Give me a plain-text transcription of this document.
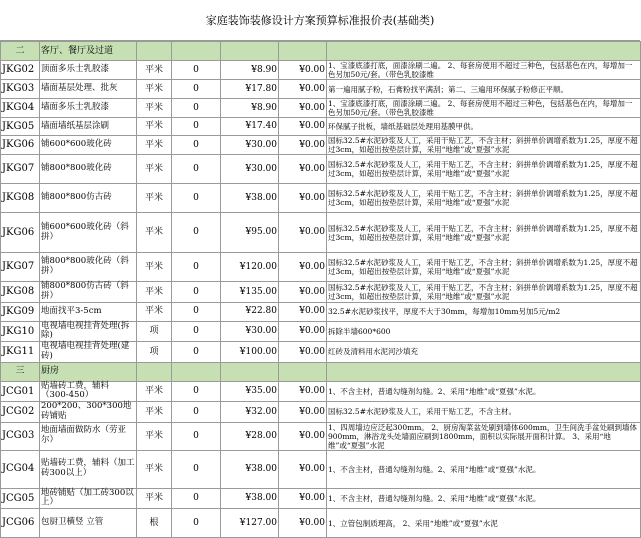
家庭装饰装修设计方案预算标准报价表(基础类)
二	客厅、餐厅及过道					
JKG02	顶面多乐士乳胶漆	平米	0	¥8.90	¥0.00	1、宝漆底漆打底，面漆涂刷二遍。 2、每套房使用不超过三种色，包括基色在内，每增加一色另加50元/套。（带色乳胶漆维
JKG03	墙面基层处理、批灰	平米	0	¥17.80	¥0.00	第一遍用腻子粉，石膏粉找平满刮；第二、三遍用环保腻子粉修正平顺。
JKG04	墙面多乐士乳胶漆	平米	0	¥8.90	¥0.00	1、宝漆底漆打底，面漆涂刷二遍。 2、每套房使用不超过三种色，包括基色在内，每增加一色另加50元/套。（带色乳胶漆维
JKG05	墙面墙纸基层涂刷	平米	0	¥17.40	¥0.00	环保腻子批板，墙纸基础层处理用基膜甲供。
JKG06	铺600*600玻化砖	平米	0	¥30.00	¥0.00	国标32.5#水泥砂浆及人工，采用干贴工艺，不含主材；斜拼单价调增系数为1.25，厚度不超过3cm，如超出按垫层计算，采用“地维”或“夏强”水泥
JKG07	铺800*800玻化砖	平米	0	¥30.00	¥0.00	国标32.5#水泥砂浆及人工，采用干贴工艺，不含主材；斜拼单价调增系数为1.25，厚度不超过3cm，如超出按垫层计算，采用“地维”或“夏强”水泥
JKG08	铺800*800仿古砖	平米	0	¥38.00	¥0.00	国标32.5#水泥砂浆及人工，采用干贴工艺，不含主材；斜拼单价调增系数为1.25，厚度不超过3cm，如超出按垫层计算，采用“地维”或“夏强”水泥
JKG06	铺600*600玻化砖（斜拼）	平米	0	¥95.00	¥0.00	国标32.5#水泥砂浆及人工，采用干贴工艺，不含主材；斜拼单价调增系数为1.25，厚度不超过3cm，如超出按垫层计算，采用“地维”或“夏强”水泥
JKG07	铺800*800玻化砖（斜拼）	平米	0	¥120.00	¥0.00	国标32.5#水泥砂浆及人工，采用干贴工艺，不含主材；斜拼单价调增系数为1.25，厚度不超过3cm，如超出按垫层计算，采用“地维”或“夏强”水泥
JKG08	铺800*800仿古砖（斜拼）	平米	0	¥135.00	¥0.00	国标32.5#水泥砂浆及人工，采用干贴工艺，不含主材；斜拼单价调增系数为1.25，厚度不超过3cm，如超出按垫层计算，采用“地维”或“夏强”水泥
JKG09	地面找平3-5cm	平米	0	¥22.80	¥0.00	32.5#水泥砂浆找平，厚度不大于30mm，每增加10mm另加5元/m2
JKG10	电视墙电视挂背处理(拆除)	项	0	¥30.00	¥0.00	拆除半墙600*600
JKG11	电视墙电视挂背处理(建砖)	项	0	¥100.00	¥0.00	红砖及清料用水泥河沙填充
三	厨房					
JCG01	贴墙砖工费，辅料（300-450）	平米	0	¥35.00	¥0.00	1、不含主材，普通勾缝剂勾缝。2、采用“地维”或“夏强”水泥。
JCG02	200*200、300*300地砖铺贴	平米	0	¥32.00	¥0.00	国标32.5#水泥砂浆及人工，采用干贴工艺，不含主材。
JCG03	地面墙面做防水（劳亚尔）	平米	0	¥28.00	¥0.00	1、四周墙边应泛起300mm。 2、厨房淘菜盆处刷到墙体600mm，卫生间洗手盆处刷到墙体900mm，淋浴龙头处墙面应刷到1800mm，面积以实际展开面积计算。 3、采用“地维”或“夏强”水泥
JCG04	贴墙砖工费，辅料（加工砖300以上）	平米	0	¥38.00	¥0.00	1、不含主材，普通勾缝剂勾缝。2、采用“地维”或“夏强”水泥。
JCG05	地砖铺贴（加工砖300以上）	平米	0	¥38.00	¥0.00	1、不含主材，普通勾缝剂勾缝。2、采用“地维”或“夏强”水泥。
JCG06	包厨卫横竖 立管	根	0	¥127.00	¥0.00	1、立管包制质理高， 2、采用“地维”或“夏强”水泥
